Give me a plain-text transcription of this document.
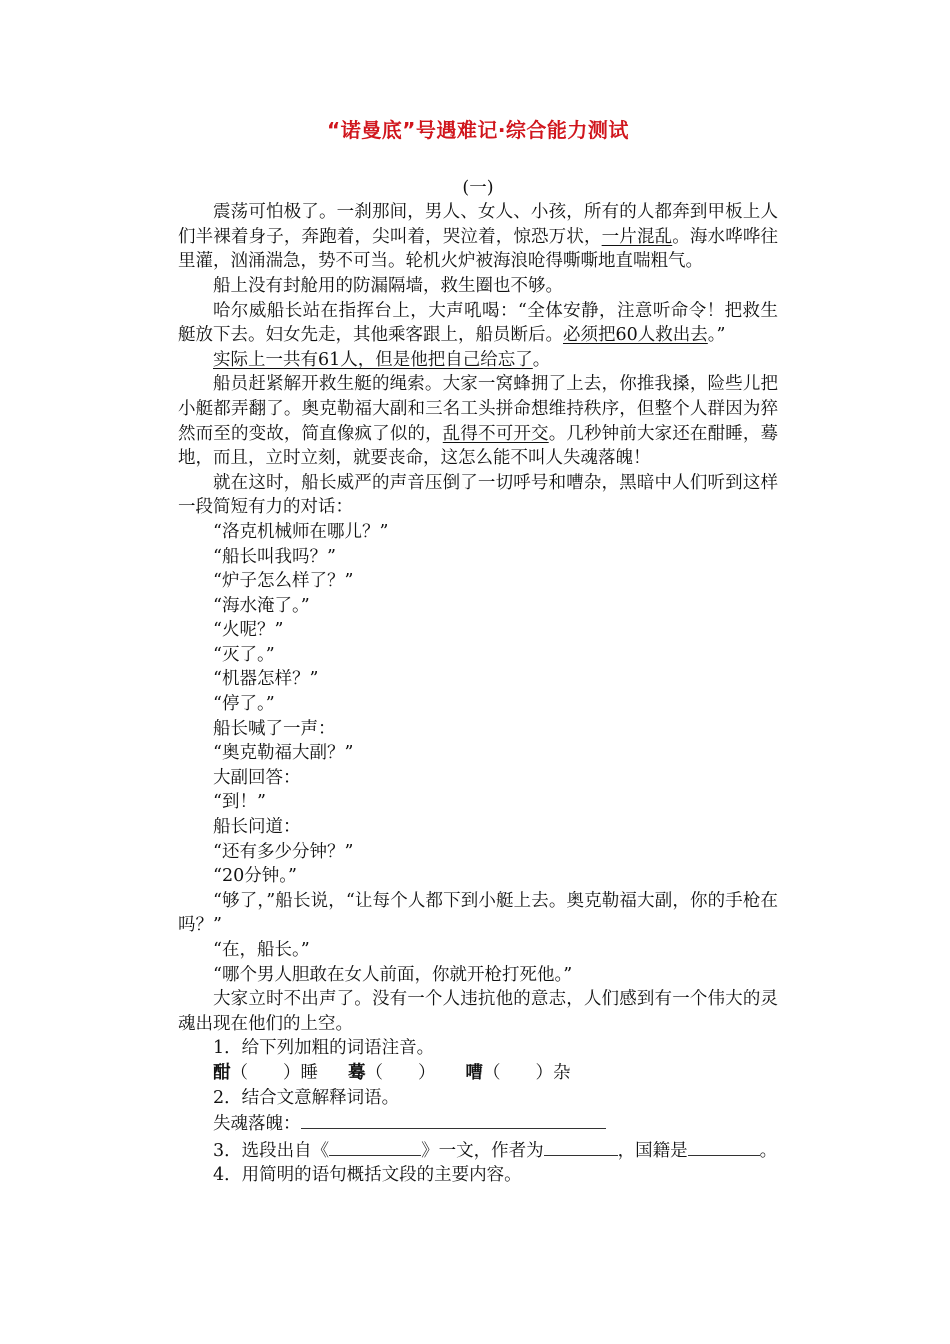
“诺曼底”号遇难记·综合能力测试

(一)

震荡可怕极了。一刹那间，男人、女人、小孩，所有的人都奔到甲板上人们半裸着身子，奔跑着，尖叫着，哭泣着，惊恐万状，一片混乱。海水哗哗往里灌，汹涌湍急，势不可当。轮机火炉被海浪呛得嘶嘶地直喘粗气。

船上没有封舱用的防漏隔墙，救生圈也不够。

哈尔威船长站在指挥台上，大声吼喝：“全体安静，注意听命令！把救生艇放下去。妇女先走，其他乘客跟上，船员断后。必须把60人救出去。”

实际上一共有61人，但是他把自己给忘了。

船员赶紧解开救生艇的绳索。大家一窝蜂拥了上去，你推我搡，险些儿把小艇都弄翻了。奥克勒福大副和三名工头拼命想维持秩序，但整个人群因为猝然而至的变故，简直像疯了似的，乱得不可开交。几秒钟前大家还在酣睡，蓦地，而且，立时立刻，就要丧命，这怎么能不叫人失魂落魄！

就在这时，船长威严的声音压倒了一切呼号和嘈杂，黑暗中人们听到这样一段简短有力的对话：

“洛克机械师在哪儿？”

“船长叫我吗？”

“炉子怎么样了？”

“海水淹了。”

“火呢？”

“灭了。”

“机器怎样？”

“停了。”

船长喊了一声：

“奥克勒福大副？”

大副回答：

“到！”

船长问道：

“还有多少分钟？”

“20分钟。”

“够了，”船长说，“让每个人都下到小艇上去。奥克勒福大副，你的手枪在吗？”

“在，船长。”

“哪个男人胆敢在女人前面，你就开枪打死他。”

大家立时不出声了。没有一个人违抗他的意志，人们感到有一个伟大的灵魂出现在他们的上空。

1．给下列加粗的词语注音。

酣（　　）睡 蓦（　　） 嘈（　　）杂

2．结合文意解释词语。

失魂落魄：

3．选段出自《	》一文，作者为	，国籍是	。

4．用简明的语句概括文段的主要内容。
